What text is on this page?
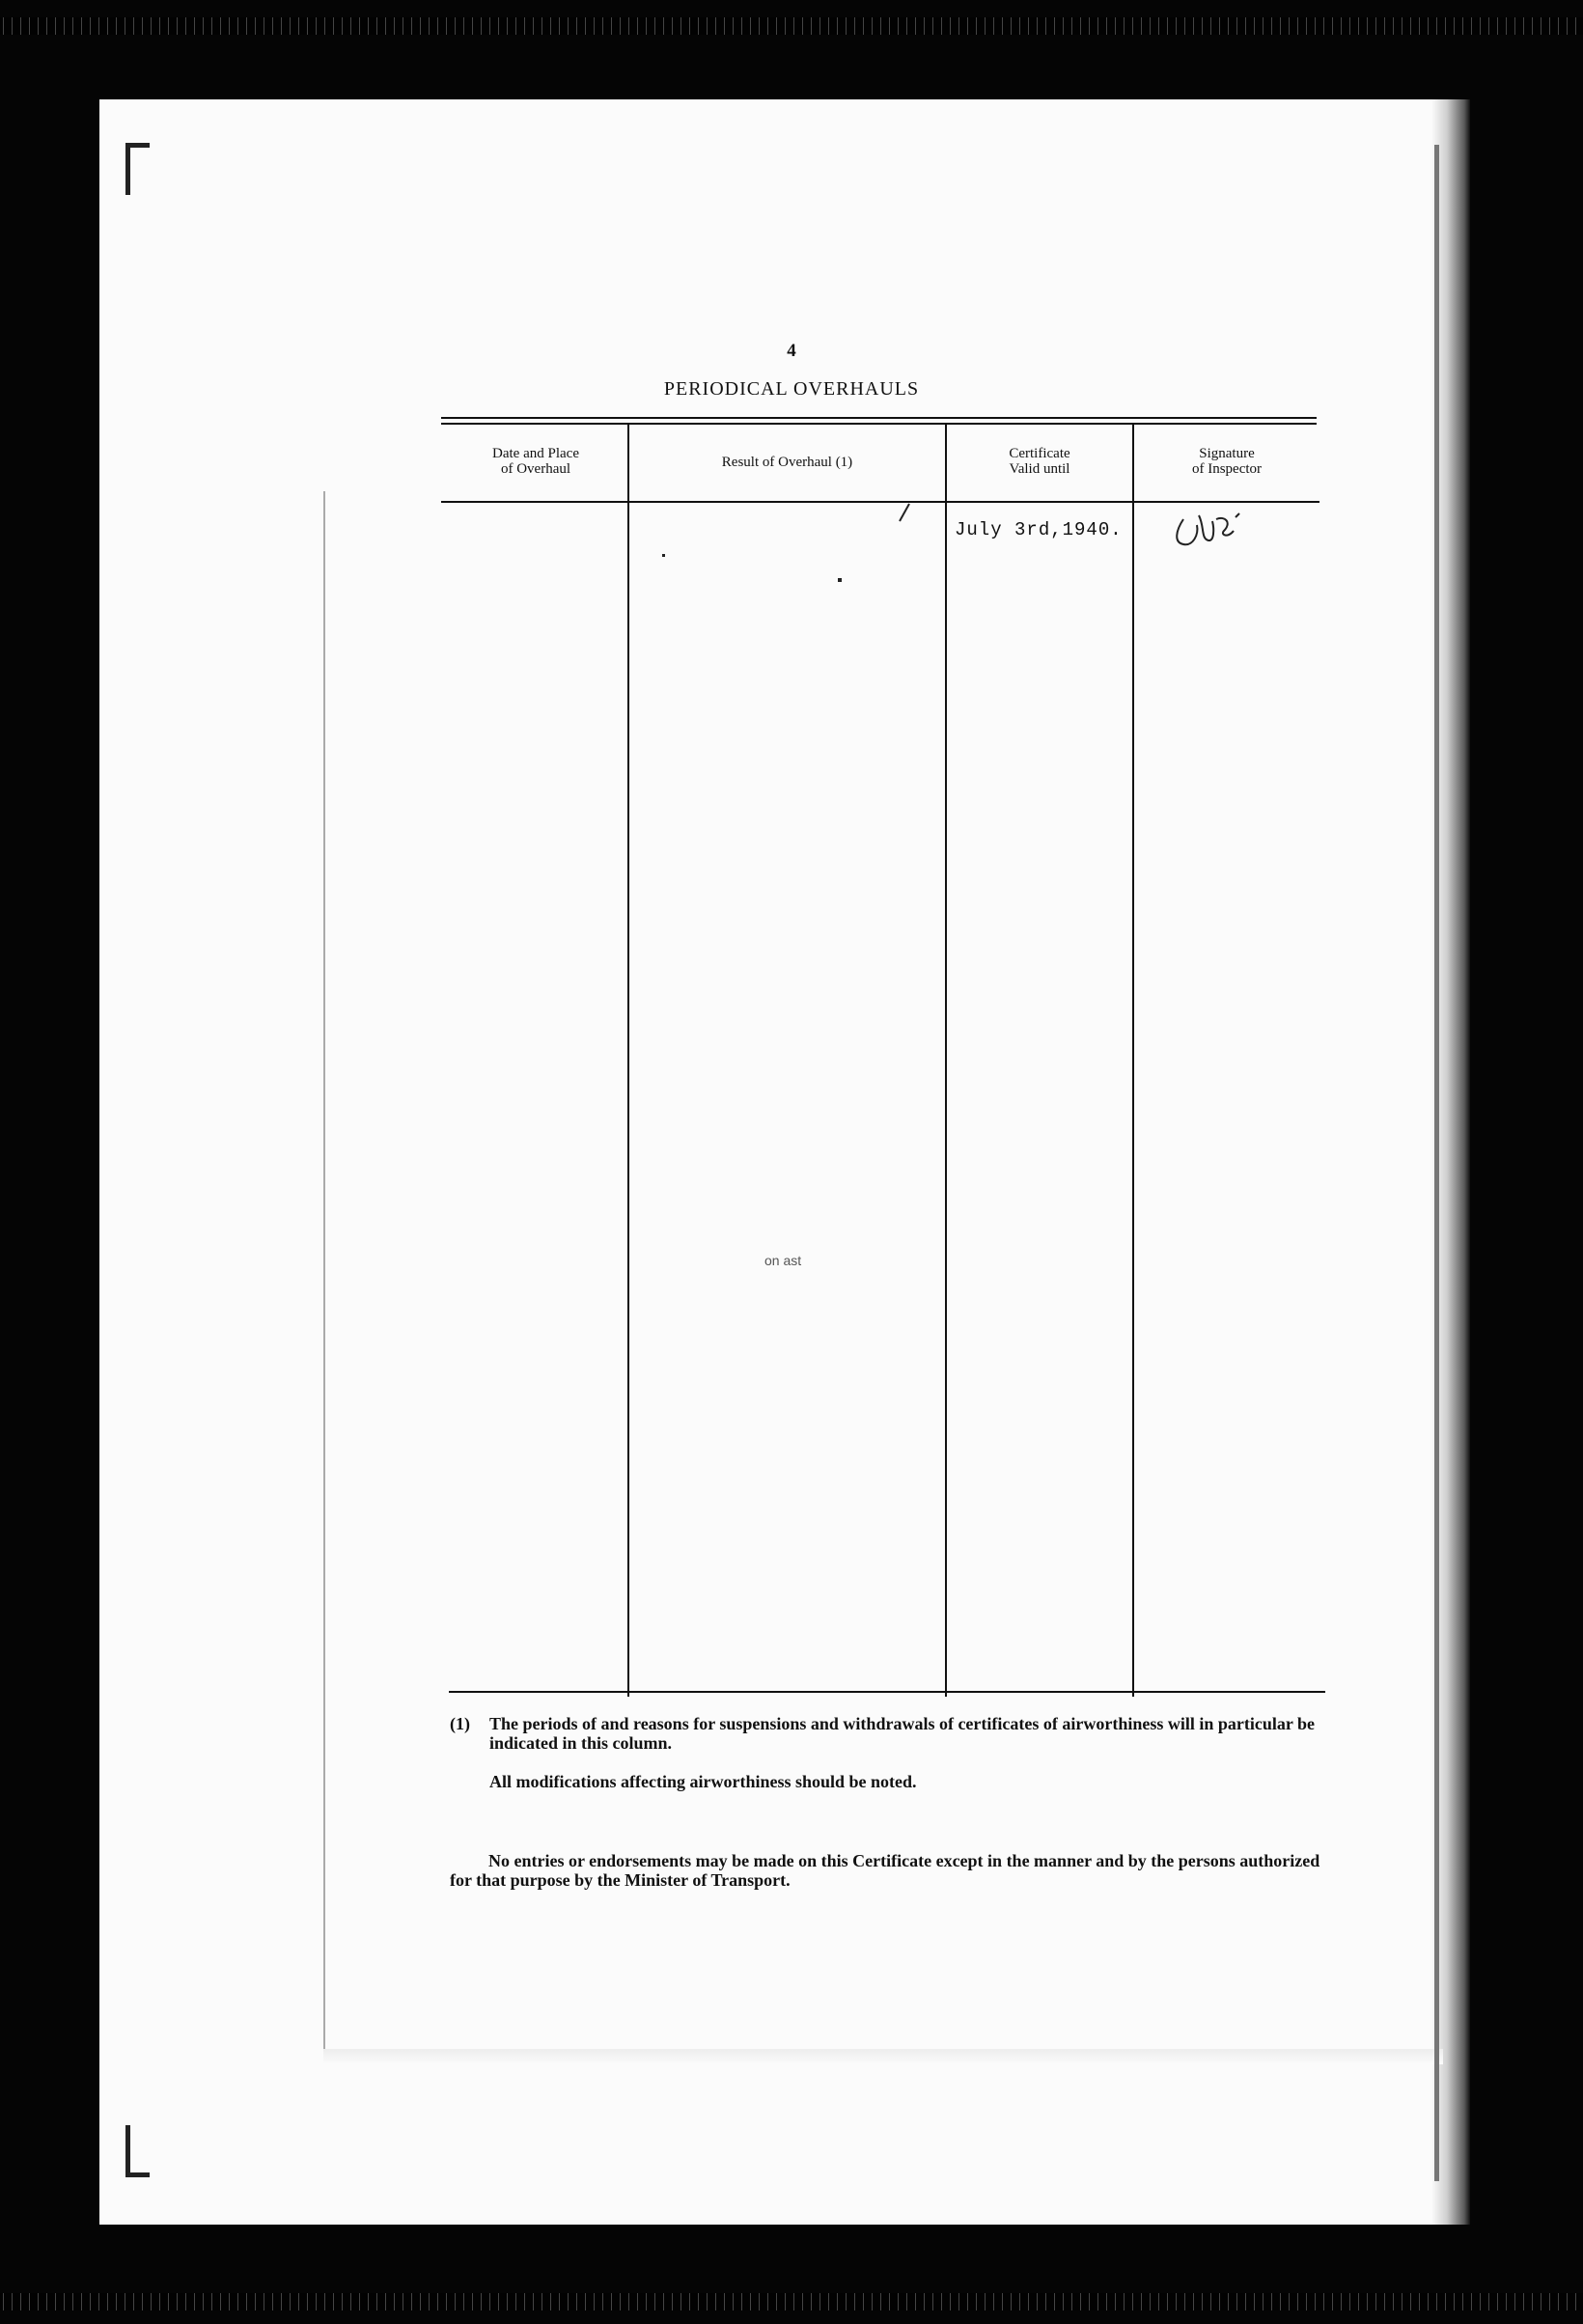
4
PERIODICAL OVERHAULS
Date and Place
of Overhaul	Result of Overhaul (1)
Certificate
Valid until
Signature
of Inspector
July 3rd,1940.
on ast
(1) The periods of and reasons for suspensions and withdrawals of certificates of airworthiness will in particular be indicated in this column.
All modifications affecting airworthiness should be noted.
No entries or endorsements may be made on this Certificate except in the manner and by the persons authorized for that purpose by the Minister of Transport.
